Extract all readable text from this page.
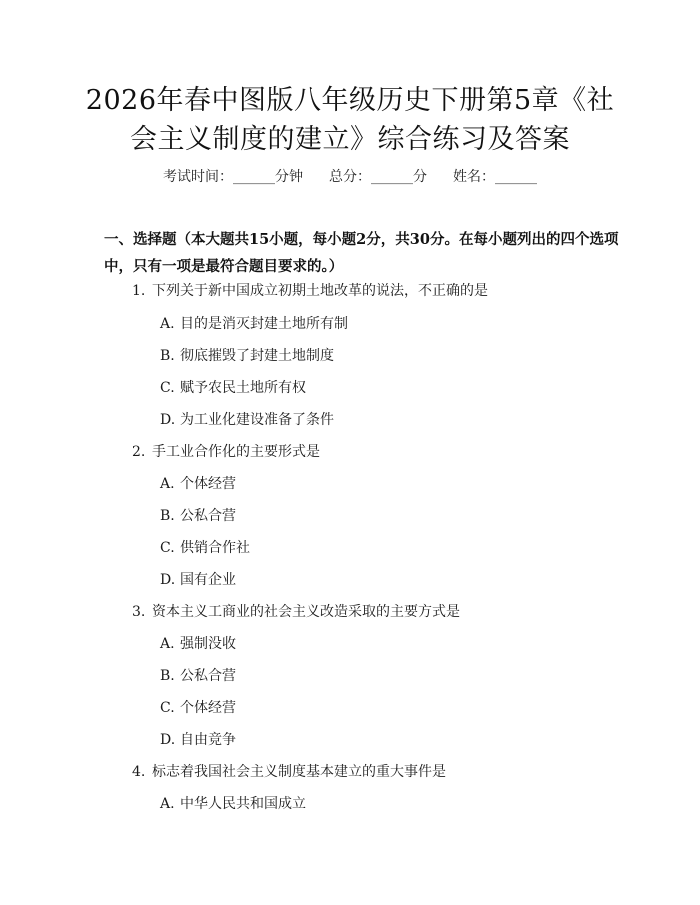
2026年春中图版八年级历史下册第5章《社
会主义制度的建立》综合练习及答案
考试时间：______分钟 总分：______分 姓名：______
一、选择题（本大题共15小题，每小题2分，共30分。在每小题列出的四个选项中，只有一项是最符合题目要求的。）
1. 下列关于新中国成立初期土地改革的说法，不正确的是
A. 目的是消灭封建土地所有制
B. 彻底摧毁了封建土地制度
C. 赋予农民土地所有权
D. 为工业化建设准备了条件
2. 手工业合作化的主要形式是
A. 个体经营
B. 公私合营
C. 供销合作社
D. 国有企业
3. 资本主义工商业的社会主义改造采取的主要方式是
A. 强制没收
B. 公私合营
C. 个体经营
D. 自由竞争
4. 标志着我国社会主义制度基本建立的重大事件是
A. 中华人民共和国成立
